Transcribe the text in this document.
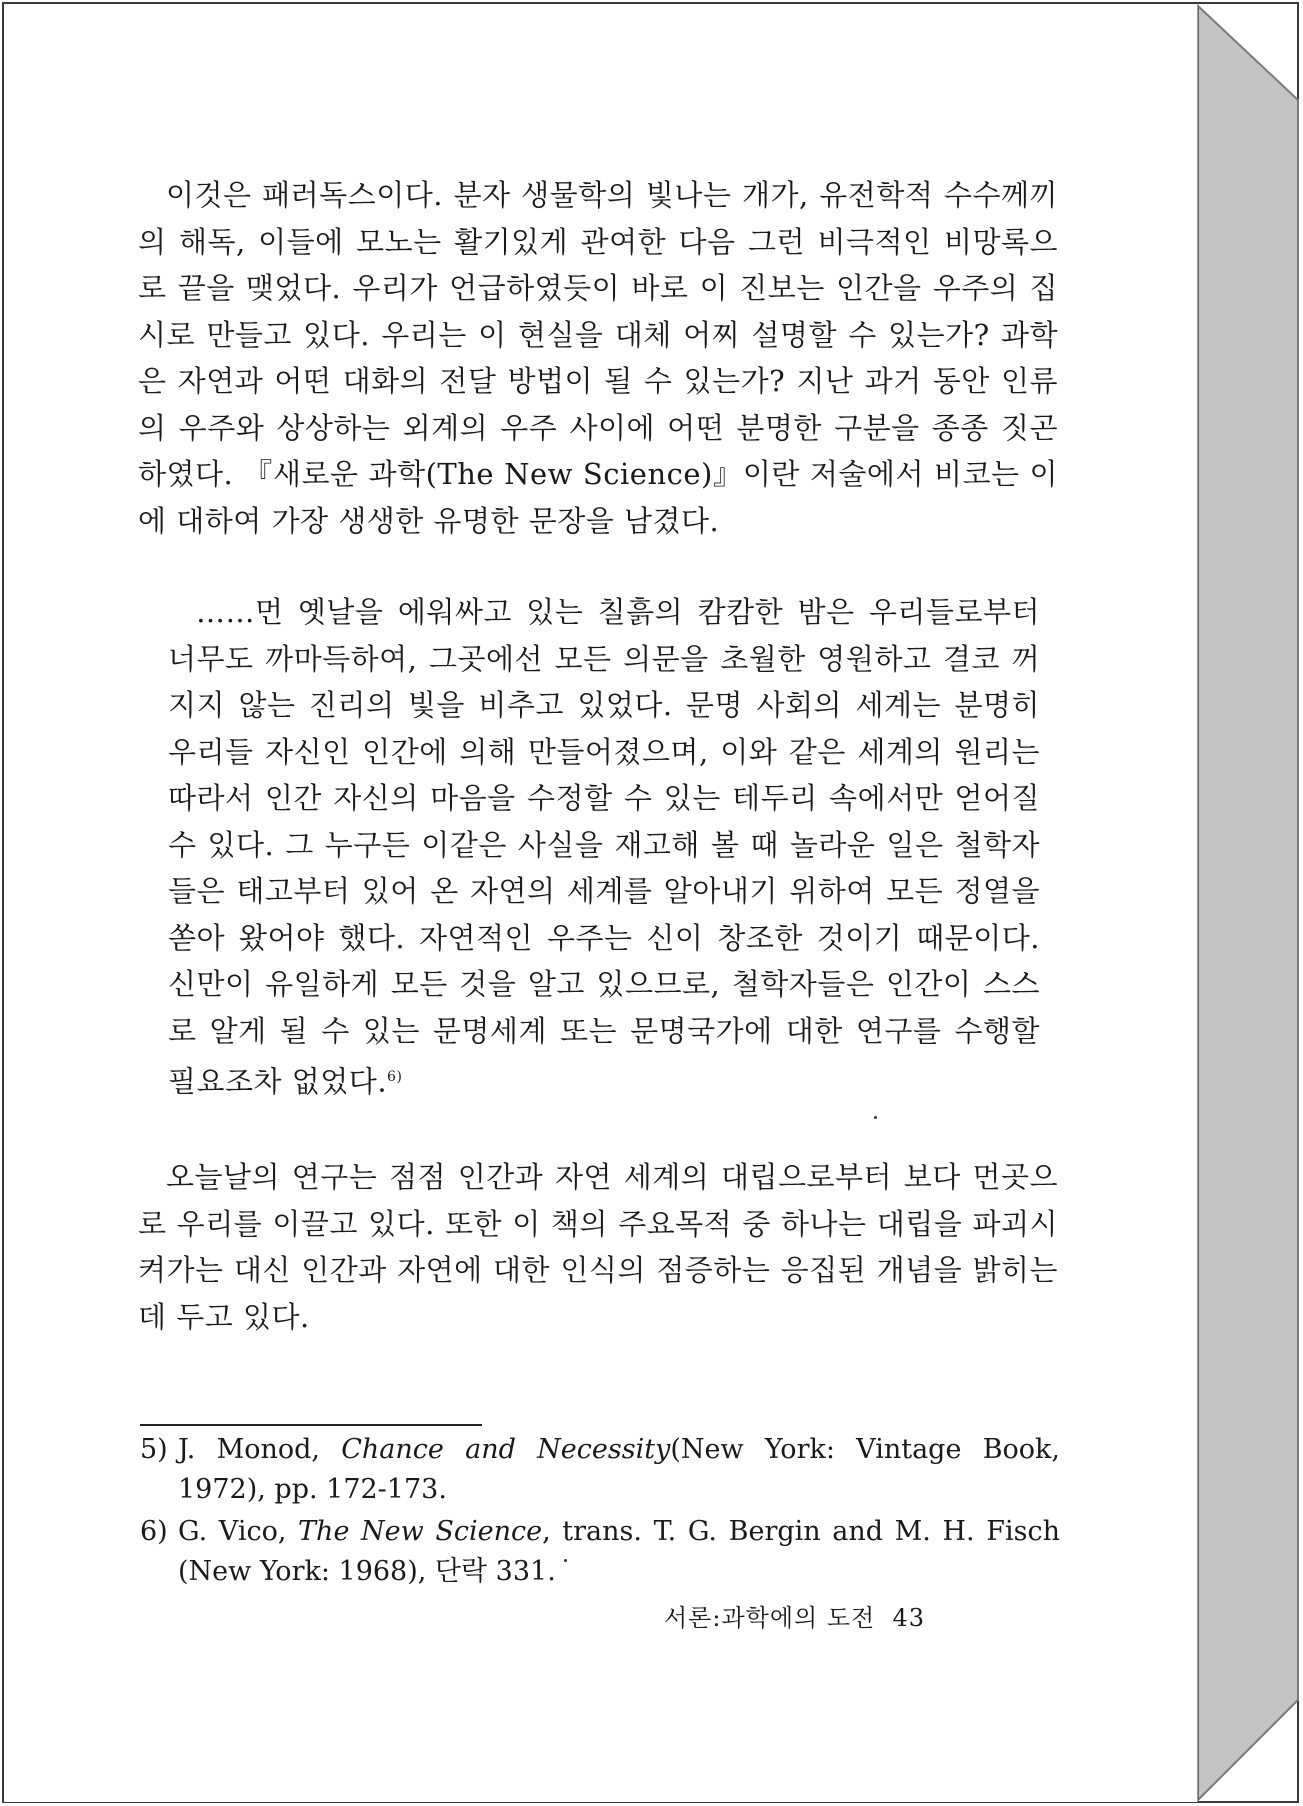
이것은 패러독스이다. 분자 생물학의 빛나는 개가, 유전학적 수수께끼의 해독, 이들에 모노는 활기있게 관여한 다음 그런 비극적인 비망록으로 끝을 맺었다. 우리가 언급하였듯이 바로 이 진보는 인간을 우주의 집시로 만들고 있다. 우리는 이 현실을 대체 어찌 설명할 수 있는가? 과학은 자연과 어떤 대화의 전달 방법이 될 수 있는가? 지난 과거 동안 인류의 우주와 상상하는 외계의 우주 사이에 어떤 분명한 구분을 종종 짓곤 하였다. 『새로운 과학(The New Science)』이란 저술에서 비코는 이에 대하여 가장 생생한 유명한 문장을 남겼다.

……먼 옛날을 에워싸고 있는 칠흙의 캄캄한 밤은 우리들로부터 너무도 까마득하여, 그곳에선 모든 의문을 초월한 영원하고 결코 꺼지지 않는 진리의 빛을 비추고 있었다. 문명 사회의 세계는 분명히 우리들 자신인 인간에 의해 만들어졌으며, 이와 같은 세계의 원리는 따라서 인간 자신의 마음을 수정할 수 있는 테두리 속에서만 얻어질 수 있다. 그 누구든 이같은 사실을 재고해 볼 때 놀라운 일은 철학자들은 태고부터 있어 온 자연의 세계를 알아내기 위하여 모든 정열을 쏟아 왔어야 했다. 자연적인 우주는 신이 창조한 것이기 때문이다. 신만이 유일하게 모든 것을 알고 있으므로, 철학자들은 인간이 스스로 알게 될 수 있는 문명세계 또는 문명국가에 대한 연구를 수행할 필요조차 없었다.$^{6)}$

오늘날의 연구는 점점 인간과 자연 세계의 대립으로부터 보다 먼곳으로 우리를 이끌고 있다. 또한 이 책의 주요목적 중 하나는 대립을 파괴시켜가는 대신 인간과 자연에 대한 인식의 점증하는 응집된 개념을 밝히는 데 두고 있다.

5) J. Monod, Chance and Necessity(New York: Vintage Book, 1972), pp. 172-173.
6) G. Vico, The New Science, trans. T. G. Bergin and M. H. Fisch (New York: 1968), 단락 331.
서론:과학에의 도전 43
